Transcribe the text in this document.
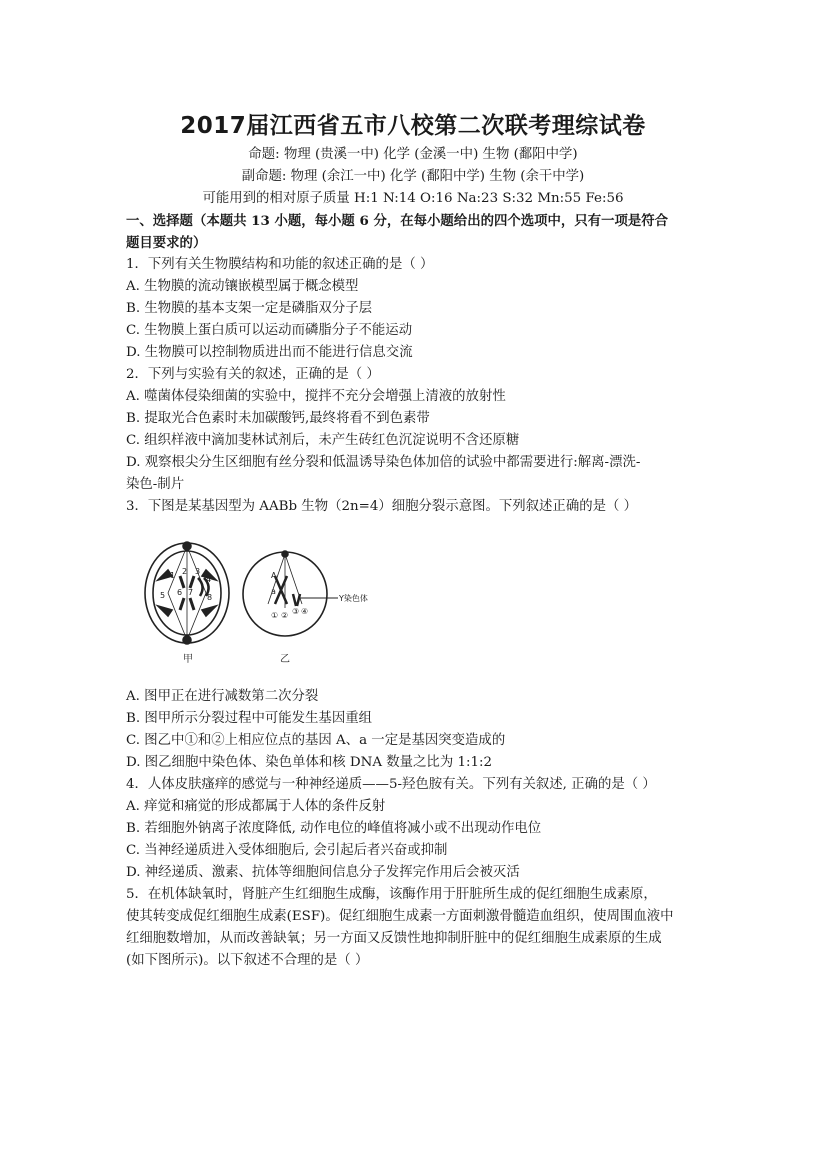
2017届江西省五市八校第二次联考理综试卷
命题: 物理 (贵溪一中) 化学 (金溪一中) 生物 (鄱阳中学)
副命题: 物理 (余江一中) 化学 (鄱阳中学) 生物 (余干中学)
可能用到的相对原子质量 H:1 N:14 O:16 Na:23 S:32 Mn:55 Fe:56
一、选择题（本题共 13 小题，每小题 6 分，在每小题给出的四个选项中，只有一项是符合
题目要求的）
1．下列有关生物膜结构和功能的叙述正确的是（ ）
A. 生物膜的流动镶嵌模型属于概念模型
B. 生物膜的基本支架一定是磷脂双分子层
C. 生物膜上蛋白质可以运动而磷脂分子不能运动
D. 生物膜可以控制物质进出而不能进行信息交流
2．下列与实验有关的叙述，正确的是（ ）
A. 噬菌体侵染细菌的实验中，搅拌不充分会增强上清液的放射性
B. 提取光合色素时未加碳酸钙,最终将看不到色素带
C. 组织样液中滴加斐林试剂后，未产生砖红色沉淀说明不含还原糖
D. 观察根尖分生区细胞有丝分裂和低温诱导染色体加倍的试验中都需要进行:解离-漂洗-
染色-制片
3．下图是某基因型为 AABb 生物（2n=4）细胞分裂示意图。下列叙述正确的是（ ）
5 6 7
8
1 2 3
4
甲
A
a
① ② ③ ④
Y染色体
乙
A. 图甲正在进行减数第二次分裂
B. 图甲所示分裂过程中可能发生基因重组
C. 图乙中①和②上相应位点的基因 A、a 一定是基因突变造成的
D. 图乙细胞中染色体、染色单体和核 DNA 数量之比为 1:1:2
4．人体皮肤瘙痒的感觉与一种神经递质——5-羟色胺有关。下列有关叙述, 正确的是（ ）
A. 痒觉和痛觉的形成都属于人体的条件反射
B. 若细胞外钠离子浓度降低, 动作电位的峰值将减小或不出现动作电位
C. 当神经递质进入受体细胞后, 会引起后者兴奋或抑制
D. 神经递质、激素、抗体等细胞间信息分子发挥完作用后会被灭活
5．在机体缺氧时，肾脏产生红细胞生成酶，该酶作用于肝脏所生成的促红细胞生成素原，
使其转变成促红细胞生成素(ESF)。促红细胞生成素一方面刺激骨髓造血组织，使周围血液中
红细胞数增加，从而改善缺氧；另一方面又反馈性地抑制肝脏中的促红细胞生成素原的生成
(如下图所示)。以下叙述不合理的是（ ）
